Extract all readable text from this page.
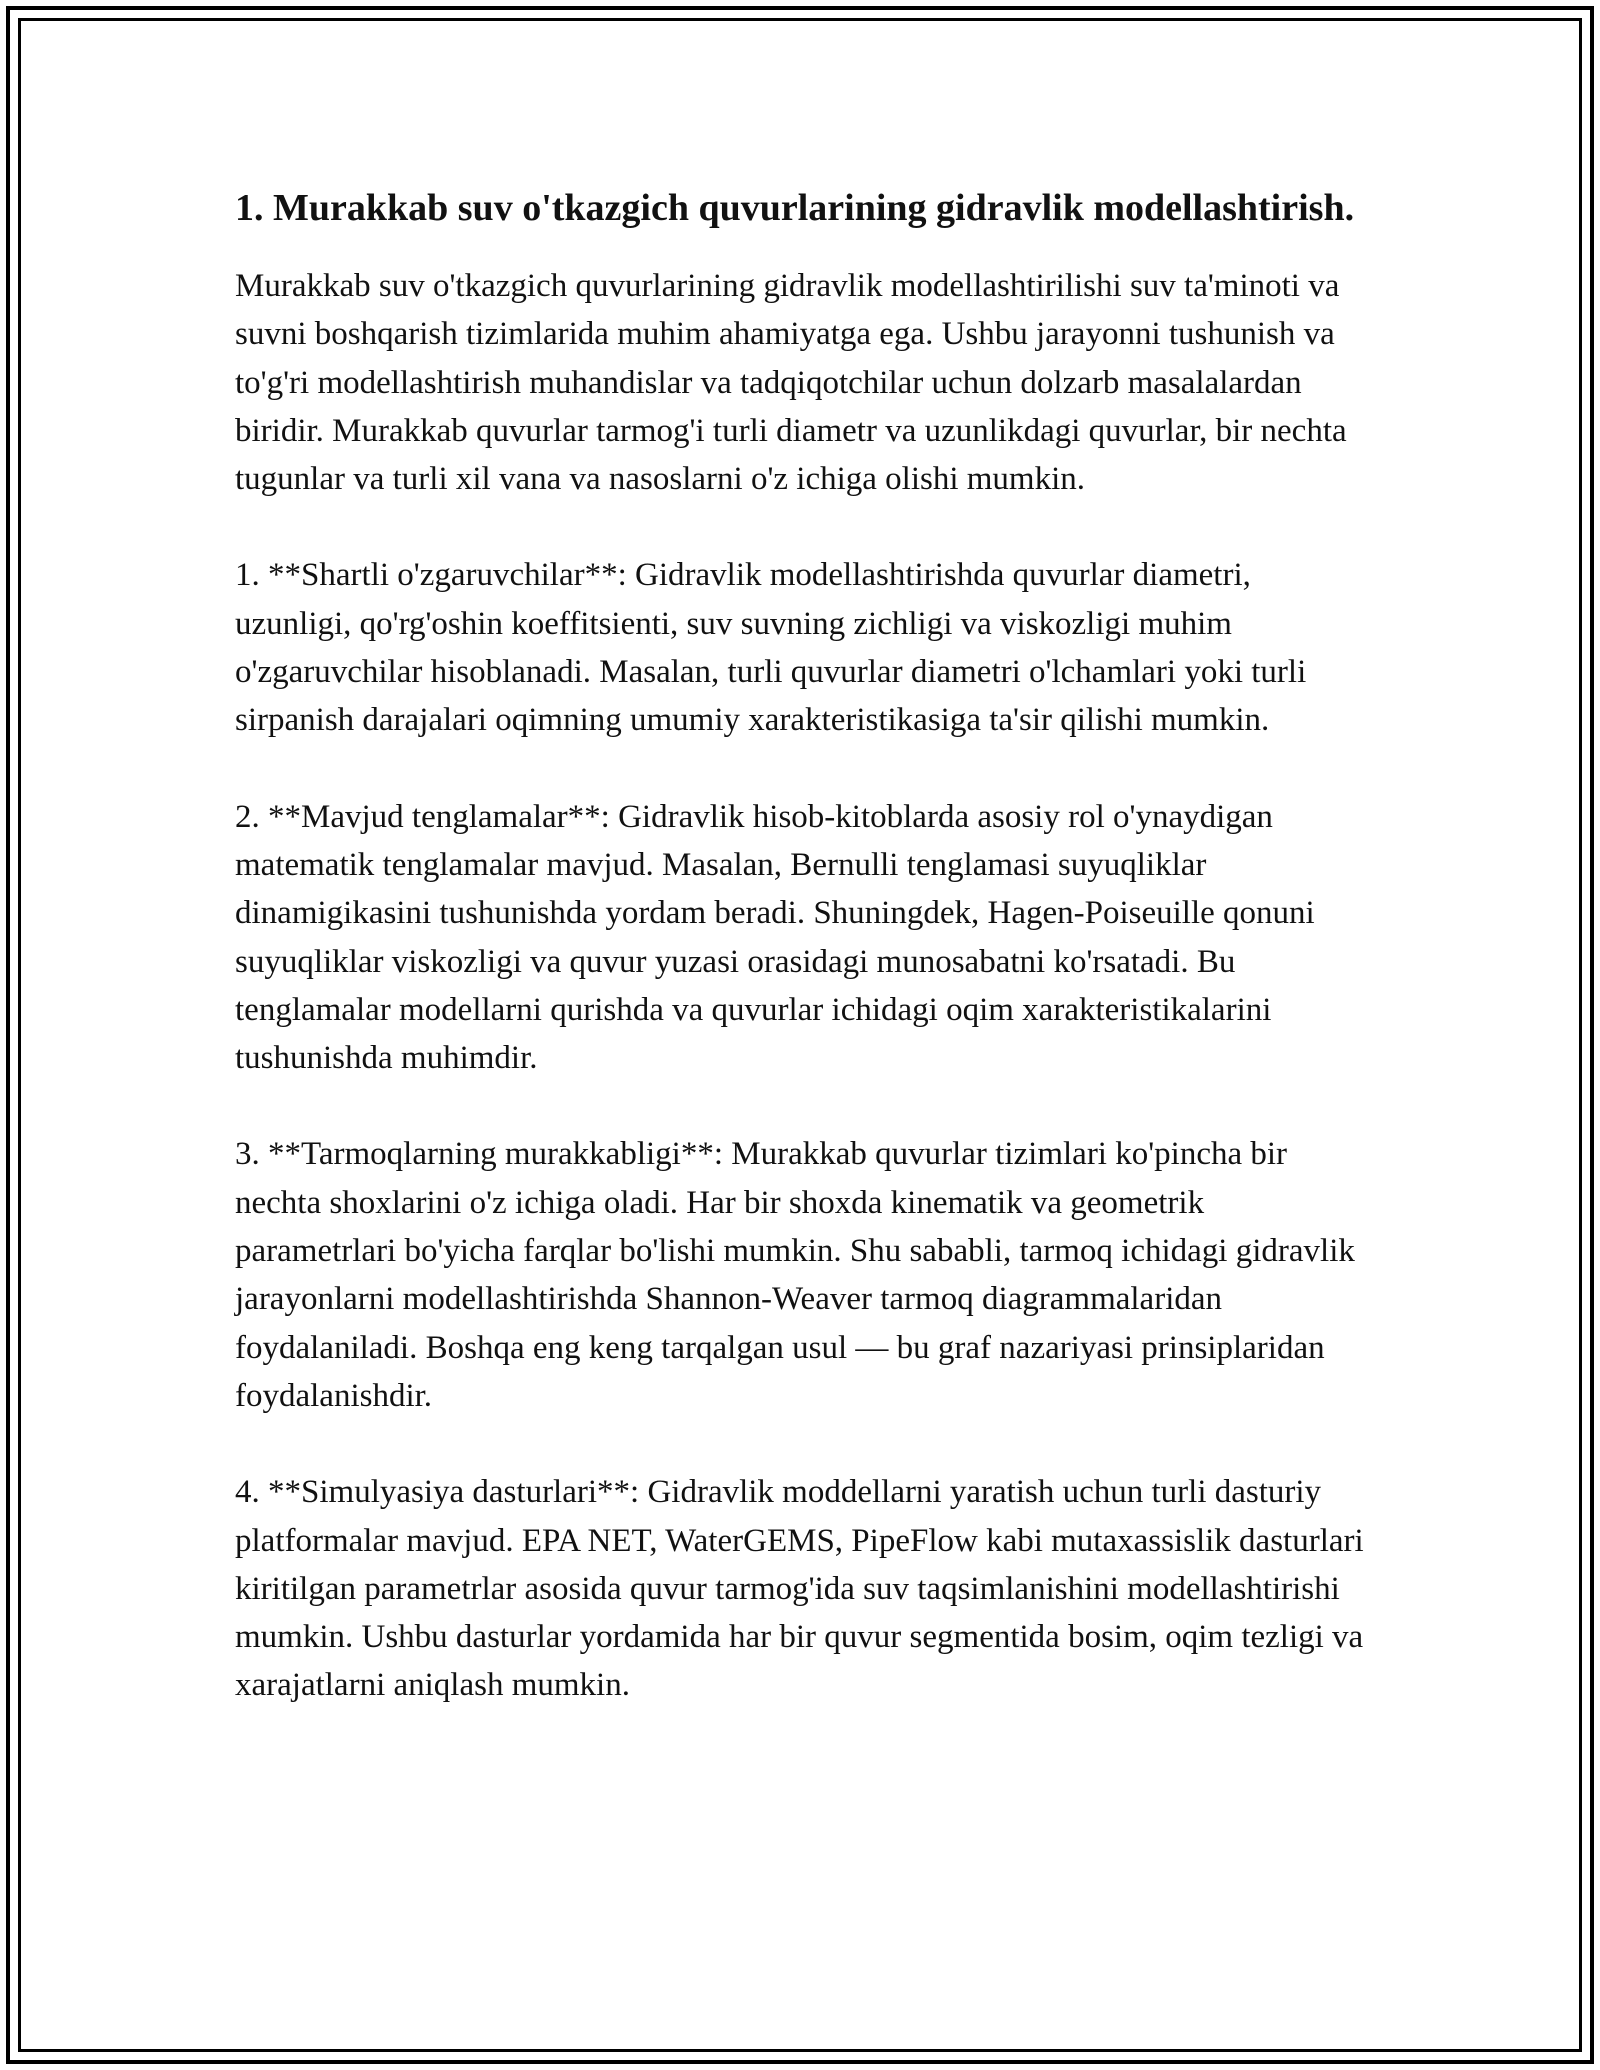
1. Murakkab suv o'tkazgich quvurlarining gidravlik modellashtirish.

Murakkab suv o'tkazgich quvurlarining gidravlik modellashtirilishi suv ta'minoti va suvni boshqarish tizimlarida muhim ahamiyatga ega. Ushbu jarayonni tushunish va to'g'ri modellashtirish muhandislar va tadqiqotchilar uchun dolzarb masalalardan biridir. Murakkab quvurlar tarmog'i turli diametr va uzunlikdagi quvurlar, bir nechta tugunlar va turli xil vana va nasoslarni o'z ichiga olishi mumkin.

1. **Shartli o'zgaruvchilar**: Gidravlik modellashtirishda quvurlar diametri, uzunligi, qo'rg'oshin koeffitsienti, suv suvning zichligi va viskozligi muhim o'zgaruvchilar hisoblanadi. Masalan, turli quvurlar diametri o'lchamlari yoki turli sirpanish darajalari oqimning umumiy xarakteristikasiga ta'sir qilishi mumkin.

2. **Mavjud tenglamalar**: Gidravlik hisob-kitoblarda asosiy rol o'ynaydigan matematik tenglamalar mavjud. Masalan, Bernulli tenglamasi suyuqliklar dinamigikasini tushunishda yordam beradi. Shuningdek, Hagen-Poiseuille qonuni suyuqliklar viskozligi va quvur yuzasi orasidagi munosabatni ko'rsatadi. Bu tenglamalar modellarni qurishda va quvurlar ichidagi oqim xarakteristikalarini tushunishda muhimdir.

3. **Tarmoqlarning murakkabligi**: Murakkab quvurlar tizimlari ko'pincha bir nechta shoxlarini o'z ichiga oladi. Har bir shoxda kinematik va geometrik parametrlari bo'yicha farqlar bo'lishi mumkin. Shu sababli, tarmoq ichidagi gidravlik jarayonlarni modellashtirishda Shannon-Weaver tarmoq diagrammalaridan foydalaniladi. Boshqa eng keng tarqalgan usul — bu graf nazariyasi prinsiplaridan foydalanishdir.

4. **Simulyasiya dasturlari**: Gidravlik moddellarni yaratish uchun turli dasturiy platformalar mavjud. EPA NET, WaterGEMS, PipeFlow kabi mutaxassislik dasturlari kiritilgan parametrlar asosida quvur tarmog'ida suv taqsimlanishini modellashtirishi mumkin. Ushbu dasturlar yordamida har bir quvur segmentida bosim, oqim tezligi va xarajatlarni aniqlash mumkin.
